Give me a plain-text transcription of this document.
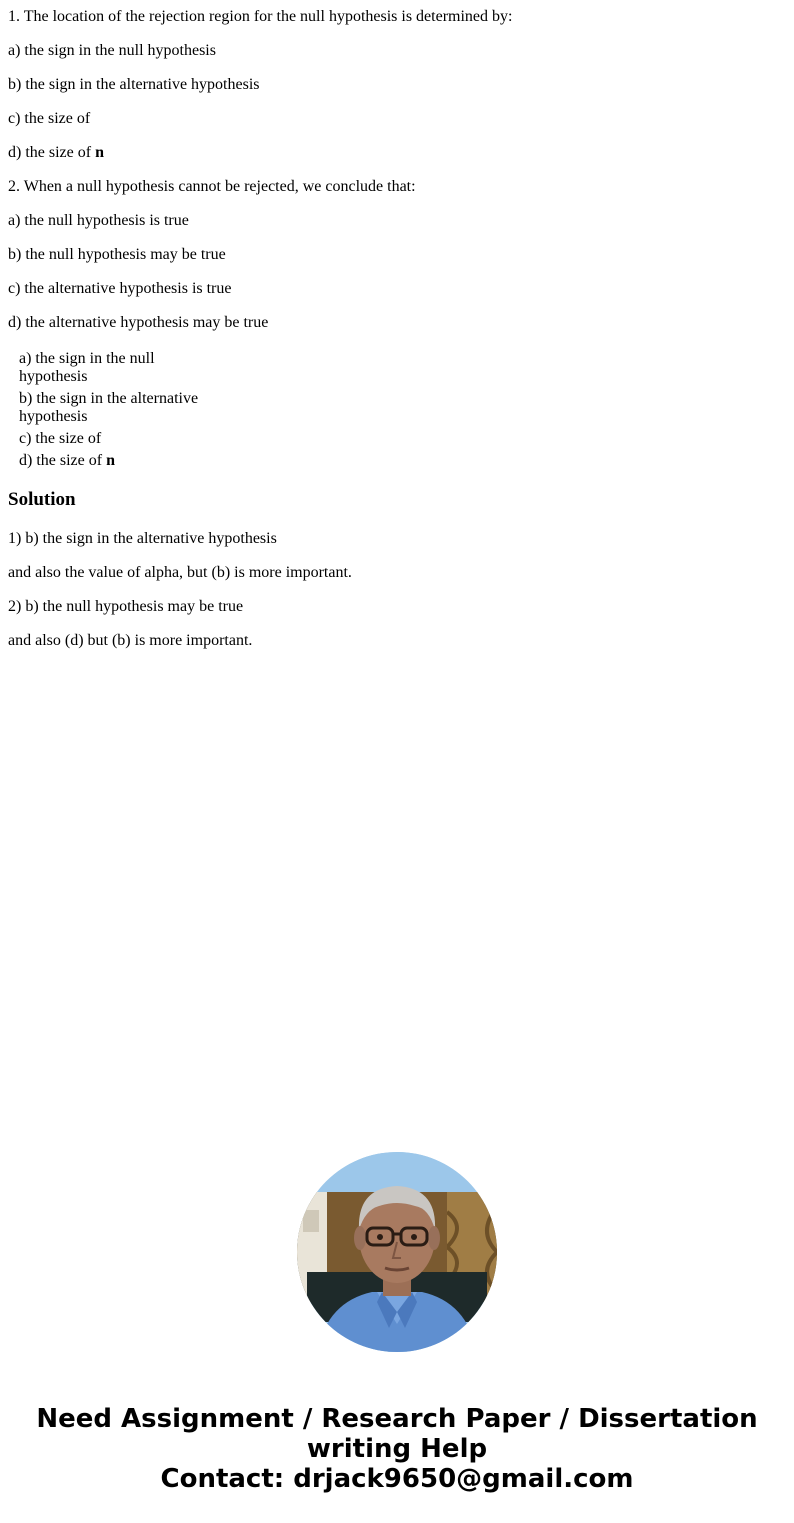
1. The location of the rejection region for the null hypothesis is determined by:

a) the sign in the null hypothesis

b) the sign in the alternative hypothesis

c) the size of

d) the size of n

2. When a null hypothesis cannot be rejected, we conclude that:

a) the null hypothesis is true

b) the null hypothesis may be true

c) the alternative hypothesis is true

d) the alternative hypothesis may be true

a) the sign in the null hypothesis
b) the sign in the alternative hypothesis
c) the size of
d) the size of n
Solution

1) b) the sign in the alternative hypothesis

and also the value of alpha, but (b) is more important.

2) b) the null hypothesis may be true

and also (d) but (b) is more important.

Need Assignment / Research Paper / Dissertation
writing Help
Contact: drjack9650@gmail.com
